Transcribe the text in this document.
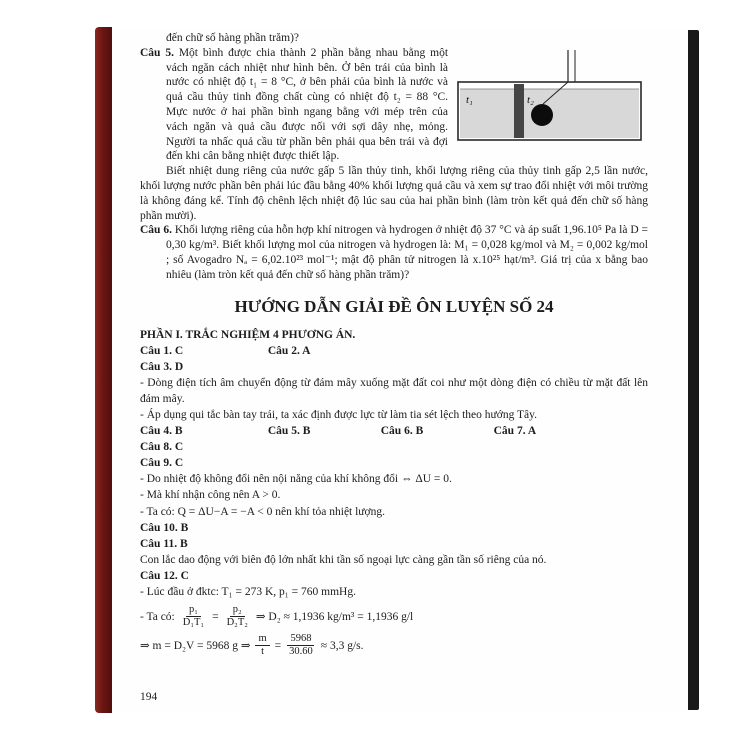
đến chữ số hàng phần trăm)?

t₁	t₂
Câu 5. Một bình được chia thành 2 phần bằng nhau bằng một vách ngăn cách nhiệt như hình bên. Ở bên trái của bình là nước có nhiệt độ t₁ = 8 °C, ở bên phải của bình là nước và quả cầu thủy tinh đồng chất cùng có nhiệt độ t₂ = 88 °C. Mực nước ở hai phần bình ngang bằng với mép trên của vách ngăn và quả cầu được nối với sợi dây nhẹ, mỏng. Người ta nhấc quả cầu từ phần bên phải qua bên trái và đợi đến khi cân bằng nhiệt được thiết lập.

Biết nhiệt dung riêng của nước gấp 5 lần thủy tinh, khối lượng riêng của thủy tinh gấp 2,5 lần nước, khối lượng nước phần bên phải lúc đầu bằng 40% khối lượng quả cầu và xem sự trao đổi nhiệt với môi trường là không đáng kể. Tính độ chênh lệch nhiệt độ lúc sau của hai phần bình (làm tròn kết quả đến chữ số hàng phần mười).

Câu 6. Khối lượng riêng của hỗn hợp khí nitrogen và hydrogen ở nhiệt độ 37 °C và áp suất 1,96.10⁵ Pa là D = 0,30 kg/m³. Biết khối lượng mol của nitrogen và hydrogen là: M₁ = 0,028 kg/mol và M₂ = 0,002 kg/mol ; số Avogadro Nₐ = 6,02.10²³ mol⁻¹; mật độ phân tử nitrogen là x.10²⁵ hạt/m³. Giá trị của x bằng bao nhiêu (làm tròn kết quả đến chữ số hàng phần trăm)?

HƯỚNG DẪN GIẢI ĐỀ ÔN LUYỆN SỐ 24
PHẦN I. TRẮC NGHIỆM 4 PHƯƠNG ÁN.
Câu 1. C	Câu 2. A
Câu 3. D
- Dòng điện tích âm chuyển động từ đám mây xuống mặt đất coi như một dòng điện có chiều từ mặt đất lên đám mây.
- Áp dụng qui tắc bàn tay trái, ta xác định được lực từ làm tia sét lệch theo hướng Tây.
Câu 4. B	Câu 5. B	Câu 6. B	Câu 7. A
Câu 8. C
Câu 9. C
- Do nhiệt độ không đổi nên nội năng của khí không đổi ⇔ ΔU = 0.
- Mà khí nhận công nên A > 0.
- Ta có: Q = ΔU−A = −A < 0 nên khí tỏa nhiệt lượng.
Câu 10. B
Câu 11. B
Con lắc dao động với biên độ lớn nhất khi tần số ngoại lực càng gần tần số riêng của nó.
Câu 12. C
- Lúc đầu ở đktc: T₁ = 273 K, p₁ = 760 mmHg.
- Ta có: $\frac{\text{p₁}}{\text{D₁T₁}} = \frac{\text{p₂}}{\text{D₂T₂}}$ ⇒ D₂ ≈ 1,1936 kg/m³ = 1,1936 g/l
⇒ m = D₂V = 5968 g ⇒ $\frac{m}{t} = \frac{5968}{30.60} \approx 3,3$ g/s.
194
